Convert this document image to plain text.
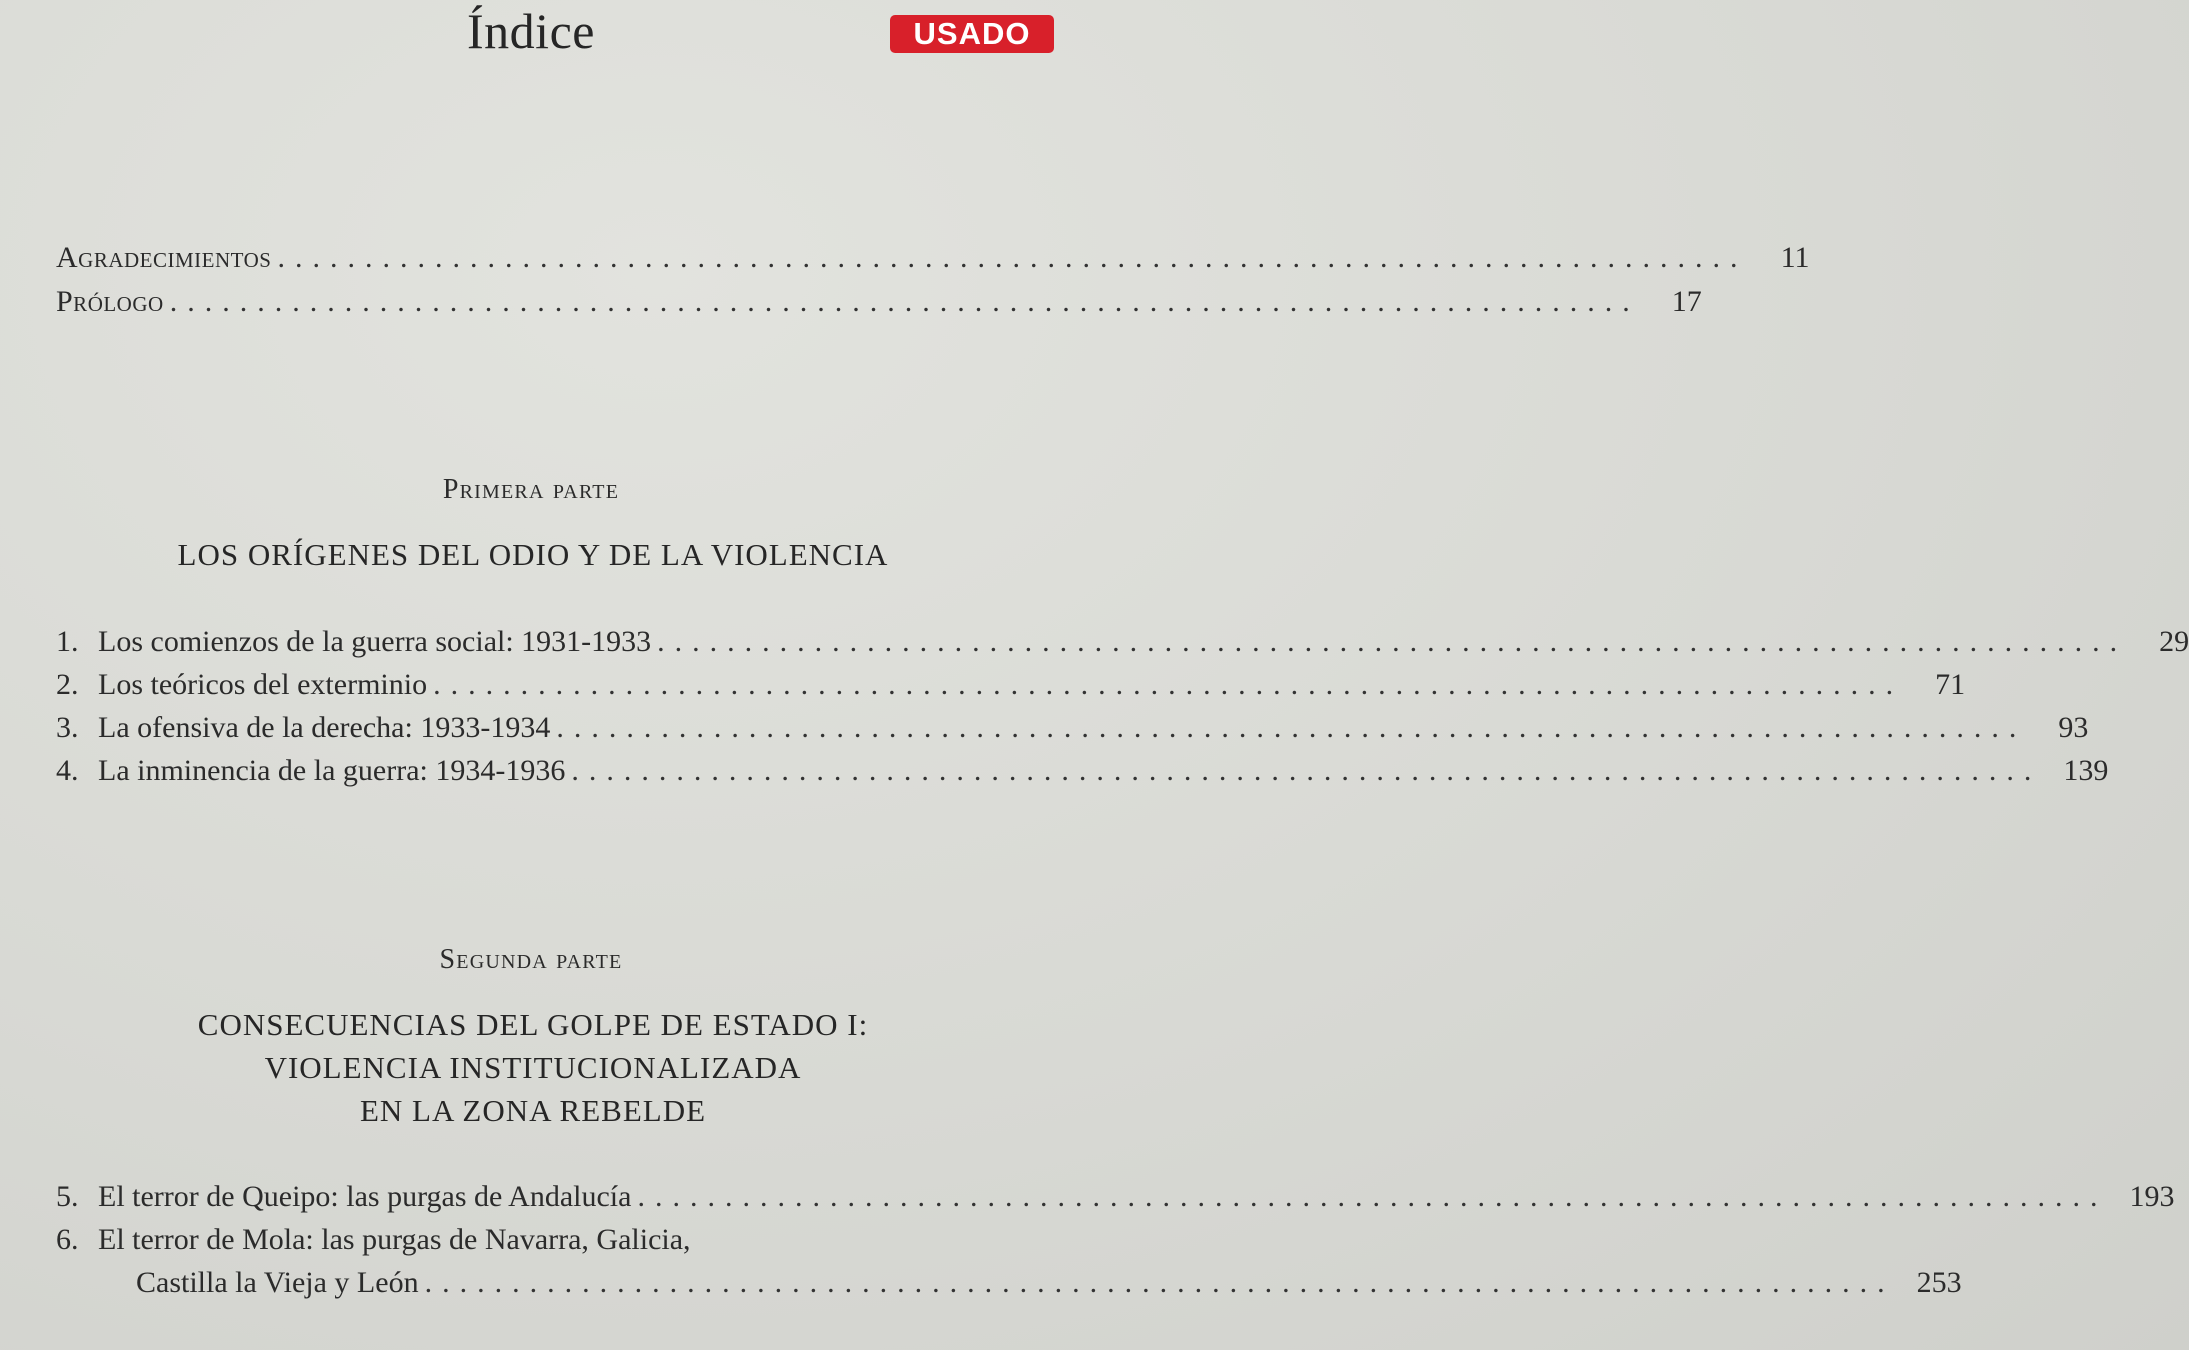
Índice	USADO
Agradecimientos ....................................................................................	11
Prólogo ....................................................................................	17
Primera parte
LOS ORÍGENES DEL ODIO Y DE LA VIOLENCIA
1. Los comienzos de la guerra social: 1931-1933 ....................................................................................	29
2. Los teóricos del exterminio ....................................................................................	71
3. La ofensiva de la derecha: 1933-1934 ....................................................................................	93
4. La inminencia de la guerra: 1934-1936 .................................................................................... 139
Segunda parte
CONSECUENCIAS DEL GOLPE DE ESTADO I:
VIOLENCIA INSTITUCIONALIZADA
EN LA ZONA REBELDE
5. El terror de Queipo: las purgas de Andalucía .................................................................................... 193
6. El terror de Mola: las purgas de Navarra, Galicia,
Castilla la Vieja y León .................................................................................... 253
